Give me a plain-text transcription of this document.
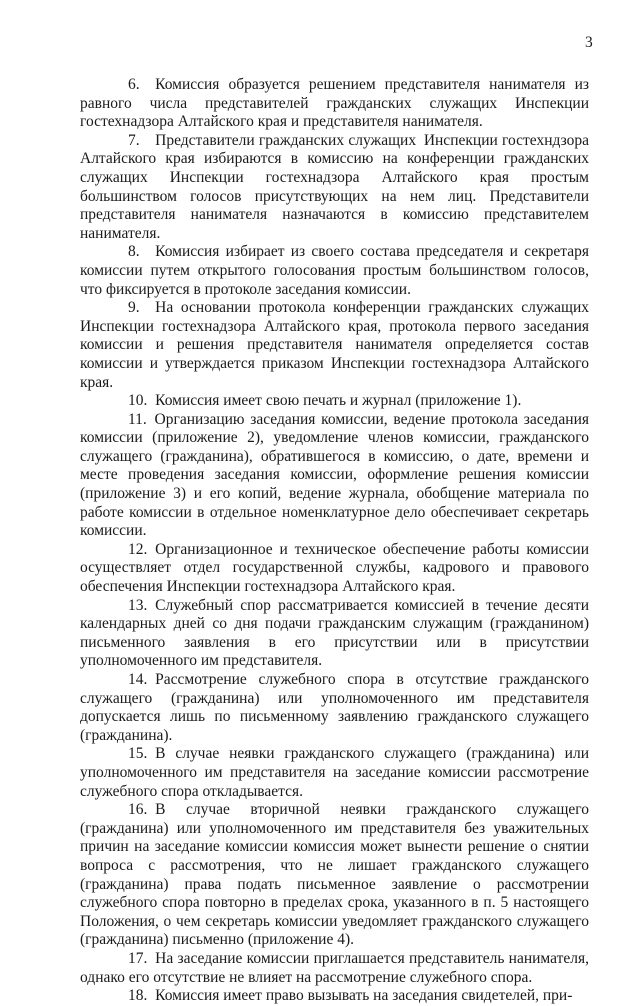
3

6. Комиссия образуется решением представителя нанимателя из равного числа представителей гражданских служащих Инспекции гостехнадзора Алтайского края и представителя нанимателя.

7. Представители гражданских служащих Инспекции гостехндзора Алтайского края избираются в комиссию на конференции гражданских служащих Инспекции гостехнадзора Алтайского края простым большинством голосов присутствующих на нем лиц. Представители представителя нанимателя назначаются в комиссию представителем нанимателя.

8. Комиссия избирает из своего состава председателя и секретаря комиссии путем открытого голосования простым большинством голосов, что фиксируется в протоколе заседания комиссии.

9. На основании протокола конференции гражданских служащих Инспекции гостехнадзора Алтайского края, протокола первого заседания комиссии и решения представителя нанимателя определяется состав комиссии и утверждается приказом Инспекции гостехнадзора Алтайского края.

10. Комиссия имеет свою печать и журнал (приложение 1).

11. Организацию заседания комиссии, ведение протокола заседания комиссии (приложение 2), уведомление членов комиссии, гражданского служащего (гражданина), обратившегося в комиссию, о дате, времени и месте проведения заседания комиссии, оформление решения комиссии (приложение 3) и его копий, ведение журнала, обобщение материала по работе комиссии в отдельное номенклатурное дело обеспечивает секретарь комиссии.

12. Организационное и техническое обеспечение работы комиссии осуществляет отдел государственной службы, кадрового и правового обеспечения Инспекции гостехнадзора Алтайского края.

13. Служебный спор рассматривается комиссией в течение десяти календарных дней со дня подачи гражданским служащим (гражданином) письменного заявления в его присутствии или в присутствии уполномоченного им представителя.

14. Рассмотрение служебного спора в отсутствие гражданского служащего (гражданина) или уполномоченного им представителя допускается лишь по письменному заявлению гражданского служащего (гражданина).

15. В случае неявки гражданского служащего (гражданина) или уполномоченного им представителя на заседание комиссии рассмотрение служебного спора откладывается.

16. В случае вторичной неявки гражданского служащего (гражданина) или уполномоченного им представителя без уважительных причин на заседание комиссии комиссия может вынести решение о снятии вопроса с рассмотрения, что не лишает гражданского служащего (гражданина) права подать письменное заявление о рассмотрении служебного спора повторно в пределах срока, указанного в п. 5 настоящего Положения, о чем секретарь комиссии уведомляет гражданского служащего (гражданина) письменно (приложение 4).

17. На заседание комиссии приглашается представитель нанимателя, однако его отсутствие не влияет на рассмотрение служебного спора.

18. Комиссия имеет право вызывать на заседания свидетелей, при-
